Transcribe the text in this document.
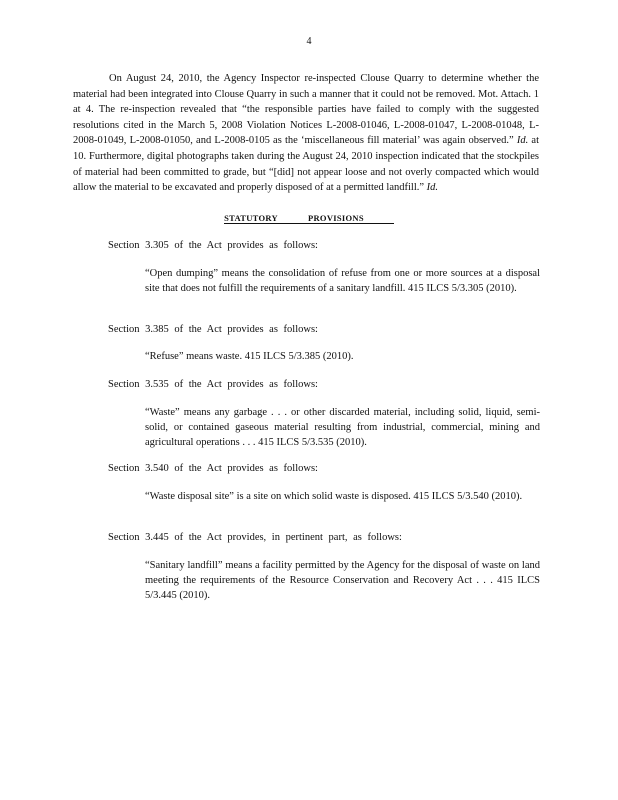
4

On August 24, 2010, the Agency Inspector re-inspected Clouse Quarry to determine whether the material had been integrated into Clouse Quarry in such a manner that it could not be removed. Mot. Attach. 1 at 4. The re-inspection revealed that “the responsible parties have failed to comply with the suggested resolutions cited in the March 5, 2008 Violation Notices L-2008-01046, L-2008-01047, L-2008-01048, L-2008-01049, L-2008-01050, and L-2008-0105 as the ‘miscellaneous fill material’ was again observed.” Id. at 10. Furthermore, digital photographs taken during the August 24, 2010 inspection indicated that the stockpiles of material had been committed to grade, but “[did] not appear loose and not overly compacted which would allow the material to be excavated and properly disposed of at a permitted landfill.” Id.

STATUTORY	PROVISIONS

Section 3.305 of the Act provides as follows:

“Open dumping” means the consolidation of refuse from one or more sources at a disposal site that does not fulfill the requirements of a sanitary landfill. 415 ILCS 5/3.305 (2010).

Section 3.385 of the Act provides as follows:

“Refuse” means waste. 415 ILCS 5/3.385 (2010).

Section 3.535 of the Act provides as follows:

“Waste” means any garbage . . . or other discarded material, including solid, liquid, semi-solid, or contained gaseous material resulting from industrial, commercial, mining and agricultural operations . . . 415 ILCS 5/3.535 (2010).

Section 3.540 of the Act provides as follows:

“Waste disposal site” is a site on which solid waste is disposed. 415 ILCS 5/3.540 (2010).

Section 3.445 of the Act provides, in pertinent part, as follows:

“Sanitary landfill” means a facility permitted by the Agency for the disposal of waste on land meeting the requirements of the Resource Conservation and Recovery Act . . . 415 ILCS 5/3.445 (2010).
